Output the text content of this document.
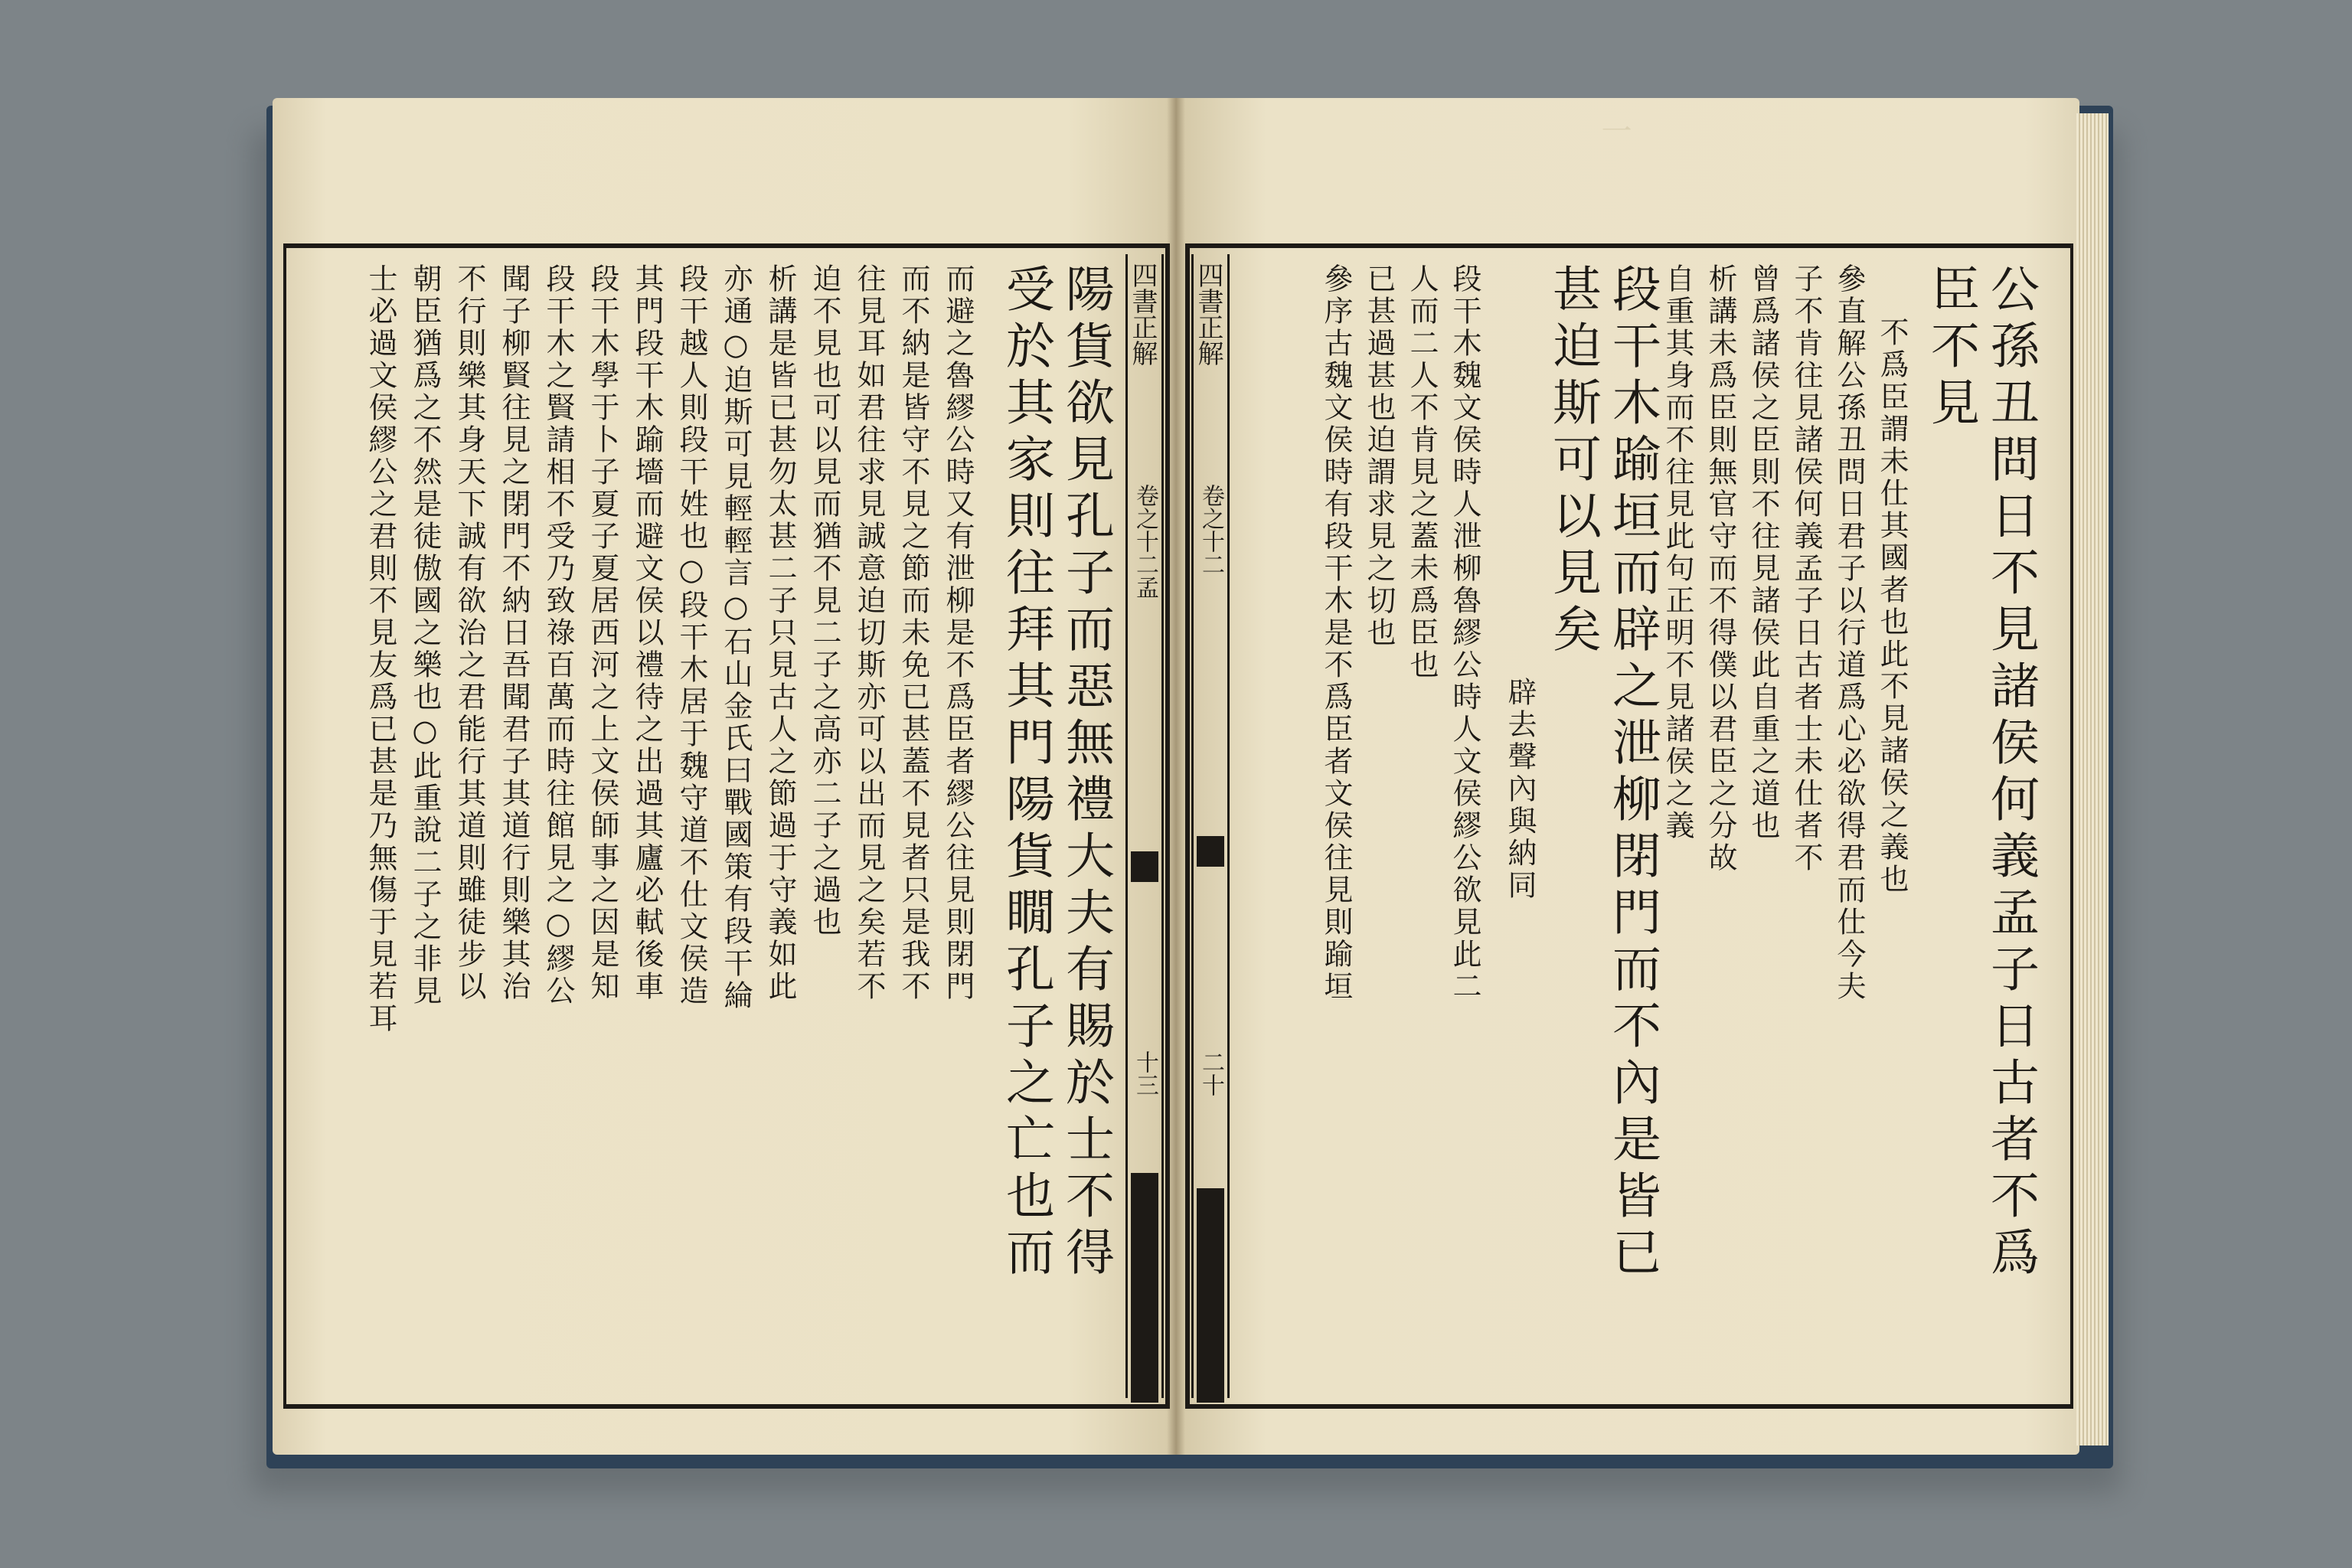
一
四書正解
卷之十二孟
十三
陽貨欲見孔子而惡無禮大夫有賜於士不得
受於其家則往拜其門陽貨瞯孔子之亡也而
而避之魯繆公時又有泄柳是不爲臣者繆公往見則閉門
而不納是皆守不見之節而未免已甚蓋不見者只是我不
往見耳如君往求見誠意迫切斯亦可以出而見之矣若不
迫不見也可以見而猶不見二子之高亦二子之過也
析講是皆已甚勿太甚二子只見古人之節過于守義如此
亦通○迫斯可見輕輕言○石山金氏曰戰國策有段干綸
段干越人則段干姓也○段干木居于魏守道不仕文侯造
其門段干木踰墻而避文侯以禮待之出過其廬必軾後車
段干木學于卜子夏子夏居西河之上文侯師事之因是知
段干木之賢請相不受乃致祿百萬而時往館見之○繆公
聞子柳賢往見之閉門不納日吾聞君子其道行則樂其治
不行則樂其身天下誠有欲治之君能行其道則雖徒步以
朝臣猶爲之不然是徒傲國之樂也○此重說二子之非見
士必過文侯繆公之君則不見友爲已甚是乃無傷于見若耳	四書正解
卷之十二
二十	公孫丑問日不見諸侯何義孟子日古者不爲
臣不見
不爲臣謂未仕其國者也此不見諸侯之義也
參直解公孫丑問日君子以行道爲心必欲得君而仕今夫
子不肯往見諸侯何義孟子日古者士未仕者不
曾爲諸侯之臣則不往見諸侯此自重之道也
析講未爲臣則無官守而不得僕以君臣之分故
自重其身而不往見此句正明不見諸侯之義
段干木踰垣而辟之泄柳閉門而不內是皆已
甚迫斯可以見矣
辟去聲內與納同
段干木魏文侯時人泄柳魯繆公時人文侯繆公欲見此二
人而二人不肯見之蓋未爲臣也
已甚過甚也迫謂求見之切也
參序古魏文侯時有段干木是不爲臣者文侯往見則踰垣
